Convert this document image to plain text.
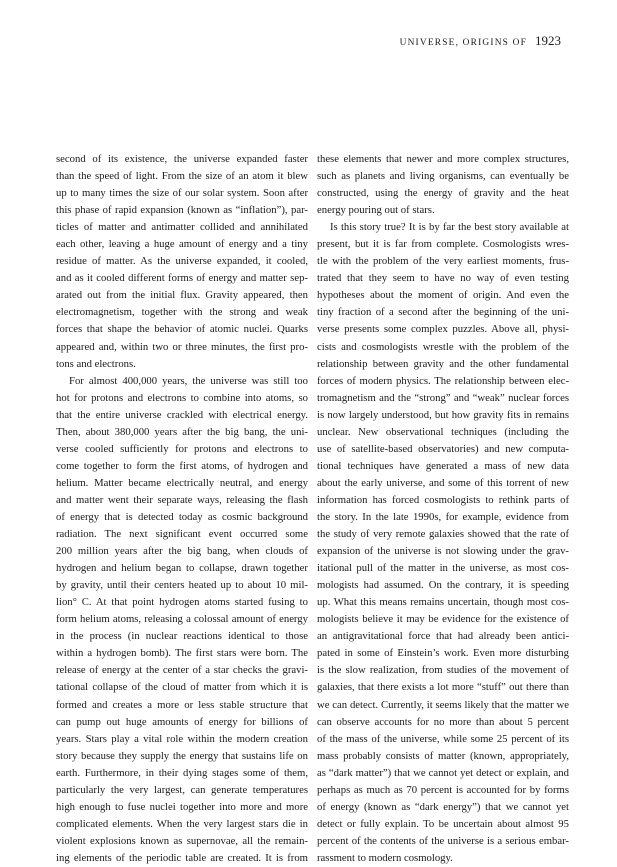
UNIVERSE, ORIGINS OF 1923
second of its existence, the universe expanded faster
than the speed of light. From the size of an atom it blew
up to many times the size of our solar system. Soon after
this phase of rapid expansion (known as “inflation”), par-
ticles of matter and antimatter collided and annihilated
each other, leaving a huge amount of energy and a tiny
residue of matter. As the universe expanded, it cooled,
and as it cooled different forms of energy and matter sep-
arated out from the initial flux. Gravity appeared, then
electromagnetism, together with the strong and weak
forces that shape the behavior of atomic nuclei. Quarks
appeared and, within two or three minutes, the first pro-
tons and electrons.
For almost 400,000 years, the universe was still too
hot for protons and electrons to combine into atoms, so
that the entire universe crackled with electrical energy.
Then, about 380,000 years after the big bang, the uni-
verse cooled sufficiently for protons and electrons to
come together to form the first atoms, of hydrogen and
helium. Matter became electrically neutral, and energy
and matter went their separate ways, releasing the flash
of energy that is detected today as cosmic background
radiation. The next significant event occurred some
200 million years after the big bang, when clouds of
hydrogen and helium began to collapse, drawn together
by gravity, until their centers heated up to about 10 mil-
lion° C. At that point hydrogen atoms started fusing to
form helium atoms, releasing a colossal amount of energy
in the process (in nuclear reactions identical to those
within a hydrogen bomb). The first stars were born. The
release of energy at the center of a star checks the gravi-
tational collapse of the cloud of matter from which it is
formed and creates a more or less stable structure that
can pump out huge amounts of energy for billions of
years. Stars play a vital role within the modern creation
story because they supply the energy that sustains life on
earth. Furthermore, in their dying stages some of them,
particularly the very largest, can generate temperatures
high enough to fuse nuclei together into more and more
complicated elements. When the very largest stars die in
violent explosions known as supernovae, all the remain-
ing elements of the periodic table are created. It is from
these elements that newer and more complex structures,
such as planets and living organisms, can eventually be
constructed, using the energy of gravity and the heat
energy pouring out of stars.
Is this story true? It is by far the best story available at
present, but it is far from complete. Cosmologists wres-
tle with the problem of the very earliest moments, frus-
trated that they seem to have no way of even testing
hypotheses about the moment of origin. And even the
tiny fraction of a second after the beginning of the uni-
verse presents some complex puzzles. Above all, physi-
cists and cosmologists wrestle with the problem of the
relationship between gravity and the other fundamental
forces of modern physics. The relationship between elec-
tromagnetism and the “strong” and “weak” nuclear forces
is now largely understood, but how gravity fits in remains
unclear. New observational techniques (including the
use of satellite-based observatories) and new computa-
tional techniques have generated a mass of new data
about the early universe, and some of this torrent of new
information has forced cosmologists to rethink parts of
the story. In the late 1990s, for example, evidence from
the study of very remote galaxies showed that the rate of
expansion of the universe is not slowing under the grav-
itational pull of the matter in the universe, as most cos-
mologists had assumed. On the contrary, it is speeding
up. What this means remains uncertain, though most cos-
mologists believe it may be evidence for the existence of
an antigravitational force that had already been antici-
pated in some of Einstein’s work. Even more disturbing
is the slow realization, from studies of the movement of
galaxies, that there exists a lot more “stuff” out there than
we can detect. Currently, it seems likely that the matter we
can observe accounts for no more than about 5 percent
of the mass of the universe, while some 25 percent of its
mass probably consists of matter (known, appropriately,
as “dark matter”) that we cannot yet detect or explain, and
perhaps as much as 70 percent is accounted for by forms
of energy (known as “dark energy”) that we cannot yet
detect or fully explain. To be uncertain about almost 95
percent of the contents of the universe is a serious embar-
rassment to modern cosmology.
